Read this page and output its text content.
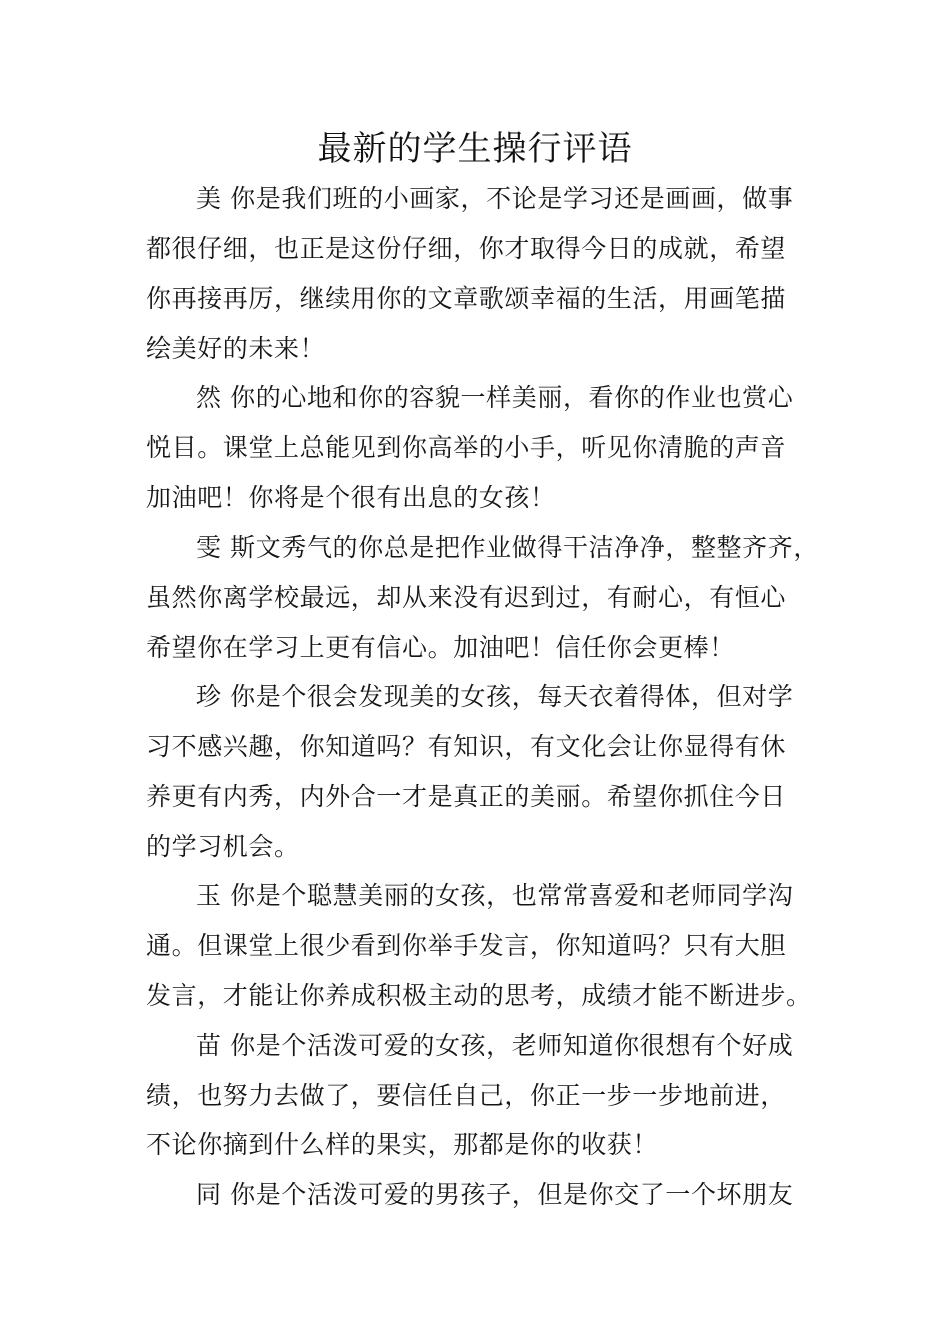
最新的学生操行评语
美 你是我们班的小画家，不论是学习还是画画，做事
都很仔细，也正是这份仔细，你才取得今日的成就，希望
你再接再厉，继续用你的文章歌颂幸福的生活，用画笔描
绘美好的未来！
然 你的心地和你的容貌一样美丽，看你的作业也赏心
悦目。课堂上总能见到你高举的小手，听见你清脆的声音
加油吧！你将是个很有出息的女孩！
雯 斯文秀气的你总是把作业做得干洁净净，整整齐齐，
虽然你离学校最远，却从来没有迟到过，有耐心，有恒心
希望你在学习上更有信心。加油吧！信任你会更棒！
珍 你是个很会发现美的女孩，每天衣着得体，但对学
习不感兴趣，你知道吗？有知识，有文化会让你显得有休
养更有内秀，内外合一才是真正的美丽。希望你抓住今日
的学习机会。
玉 你是个聪慧美丽的女孩，也常常喜爱和老师同学沟
通。但课堂上很少看到你举手发言，你知道吗？只有大胆
发言，才能让你养成积极主动的思考，成绩才能不断进步。
苗 你是个活泼可爱的女孩，老师知道你很想有个好成
绩，也努力去做了，要信任自己，你正一步一步地前进，
不论你摘到什么样的果实，那都是你的收获！
同 你是个活泼可爱的男孩子，但是你交了一个坏朋友
